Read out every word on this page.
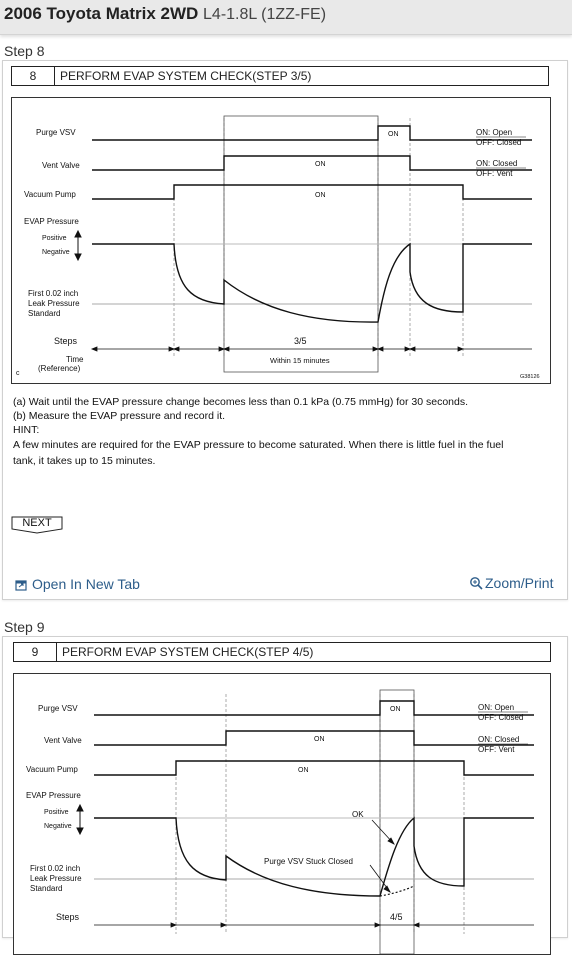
2006 Toyota Matrix 2WD L4-1.8L (1ZZ-FE)
Step 8
8	PERFORM EVAP SYSTEM CHECK(STEP 3/5)
Purge VSV
Vent Valve
Vacuum Pump
EVAP Pressure
Positive
Negative
First 0.02 inch
Leak Pressure
Standard
Steps
Time
(Reference)
c
ON
ON
ON
ON: Open
OFF: Closed
ON: Closed
OFF: Vent
3/5
Within 15 minutes
G38126
(a) Wait until the EVAP pressure change becomes less than 0.1 kPa (0.75 mmHg) for 30 seconds.
(b) Measure the EVAP pressure and record it.
HINT:
A few minutes are required for the EVAP pressure to become saturated. When there is little fuel in the fuel
tank, it takes up to 15 minutes.
NEXT
Open In New Tab	Zoom/Print
Step 9
9	PERFORM EVAP SYSTEM CHECK(STEP 4/5)
Purge VSV
Vent Valve
Vacuum Pump
EVAP Pressure
Positive
Negative
First 0.02 inch
Leak Pressure
Standard
Steps
ON
ON
ON
ON: Open
OFF: Closed
ON: Closed
OFF: Vent
OK
Purge VSV Stuck Closed
4/5
